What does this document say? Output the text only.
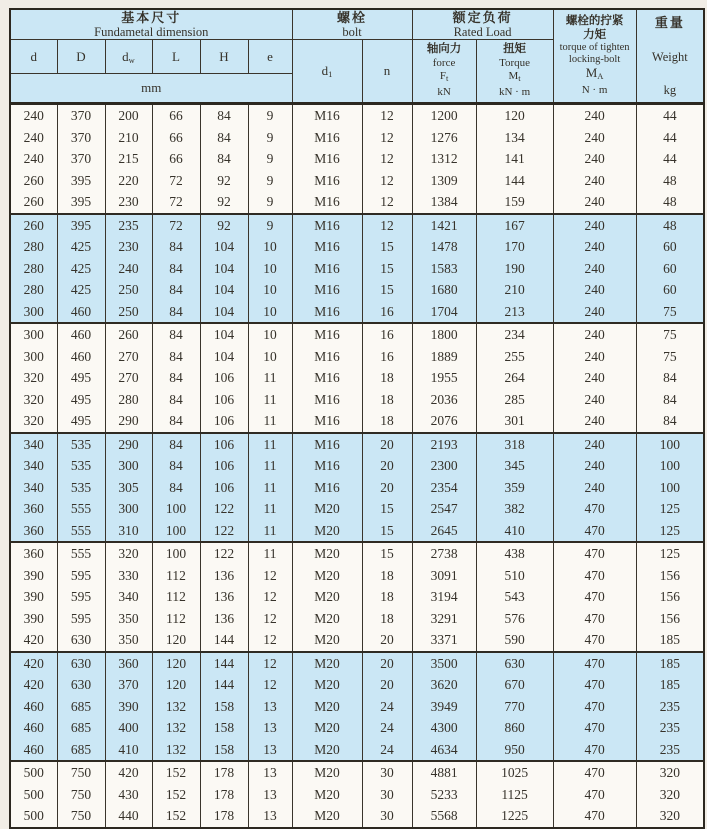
基本尺寸
Fundametal dimension

螺栓
bolt

额定负荷
Rated Load

螺栓的拧紧
力矩
torque of tighten locking-bolt
$M_A$
N · m

重量
Weight
kg

d	D	$d_w$	L	H	e	$d_1$	n	轴向力
force
$F_t$
kN	扭矩
Torque
$M_t$
kN · m		

mm											
240	370	200	66	84	9	M16	12	1200	120	240	44
240	370	210	66	84	9	M16	12	1276	134	240	44
240	370	215	66	84	9	M16	12	1312	141	240	44
260	395	220	72	92	9	M16	12	1309	144	240	48
260	395	230	72	92	9	M16	12	1384	159	240	48
260	395	235	72	92	9	M16	12	1421	167	240	48
280	425	230	84	104	10	M16	15	1478	170	240	60
280	425	240	84	104	10	M16	15	1583	190	240	60
280	425	250	84	104	10	M16	15	1680	210	240	60
300	460	250	84	104	10	M16	16	1704	213	240	75
300	460	260	84	104	10	M16	16	1800	234	240	75
300	460	270	84	104	10	M16	16	1889	255	240	75
320	495	270	84	106	11	M16	18	1955	264	240	84
320	495	280	84	106	11	M16	18	2036	285	240	84
320	495	290	84	106	11	M16	18	2076	301	240	84
340	535	290	84	106	11	M16	20	2193	318	240	100
340	535	300	84	106	11	M16	20	2300	345	240	100
340	535	305	84	106	11	M16	20	2354	359	240	100
360	555	300	100	122	11	M20	15	2547	382	470	125
360	555	310	100	122	11	M20	15	2645	410	470	125
360	555	320	100	122	11	M20	15	2738	438	470	125
390	595	330	112	136	12	M20	18	3091	510	470	156
390	595	340	112	136	12	M20	18	3194	543	470	156
390	595	350	112	136	12	M20	18	3291	576	470	156
420	630	350	120	144	12	M20	20	3371	590	470	185
420	630	360	120	144	12	M20	20	3500	630	470	185
420	630	370	120	144	12	M20	20	3620	670	470	185
460	685	390	132	158	13	M20	24	3949	770	470	235
460	685	400	132	158	13	M20	24	4300	860	470	235
460	685	410	132	158	13	M20	24	4634	950	470	235
500	750	420	152	178	13	M20	30	4881	1025	470	320
500	750	430	152	178	13	M20	30	5233	1125	470	320
500	750	440	152	178	13	M20	30	5568	1225	470	320
